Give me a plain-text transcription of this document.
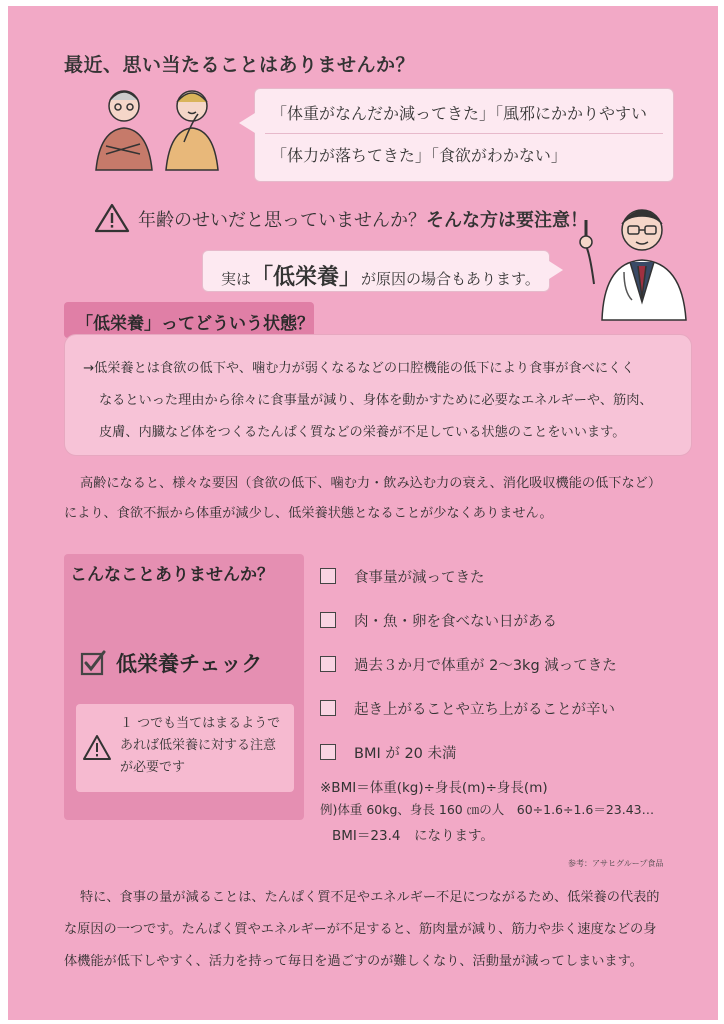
最近、思い当たることはありませんか？
「体重がなんだか減ってきた」「風邪にかかりやすい
「体力が落ちてきた」「食欲がわかない」
年齢のせいだと思っていませんか？そんな方は要注意！
実は「低栄養」が原因の場合もあります。
「低栄養」ってどういう状態？

→低栄養とは食欲の低下や、噛む力が弱くなるなどの口腔機能の低下により食事が食べにくく

なるといった理由から徐々に食事量が減り、身体を動かすために必要なエネルギーや、筋肉、

皮膚、内臓など体をつくるたんぱく質などの栄養が不足している状態のことをいいます。

高齢になると、様々な要因（食欲の低下、噛む力・飲み込む力の衰え、消化吸収機能の低下など）
により、食欲不振から体重が減少し、低栄養状態となることが少なくありません。
こんなことありませんか？
低栄養チェック
１ つでも当てはまるようで
あれば低栄養に対する注意
が必要です
食事量が減ってきた
肉・魚・卵を食べない日がある
過去３か月で体重が 2～3kg 減ってきた
起き上がることや立ち上がることが辛い
BMI が 20 未満
※BMI＝体重(kg)÷身長(m)÷身長(m)
例)体重 60kg、身長 160 ㎝の人　60÷1.6÷1.6＝23.43…
BMI＝23.4　になります。
参考：アサヒグループ食品
特に、食事の量が減ることは、たんぱく質不足やエネルギー不足につながるため、低栄養の代表的
な原因の一つです。たんぱく質やエネルギーが不足すると、筋肉量が減り、筋力や歩く速度などの身
体機能が低下しやすく、活力を持って毎日を過ごすのが難しくなり、活動量が減ってしまいます。
